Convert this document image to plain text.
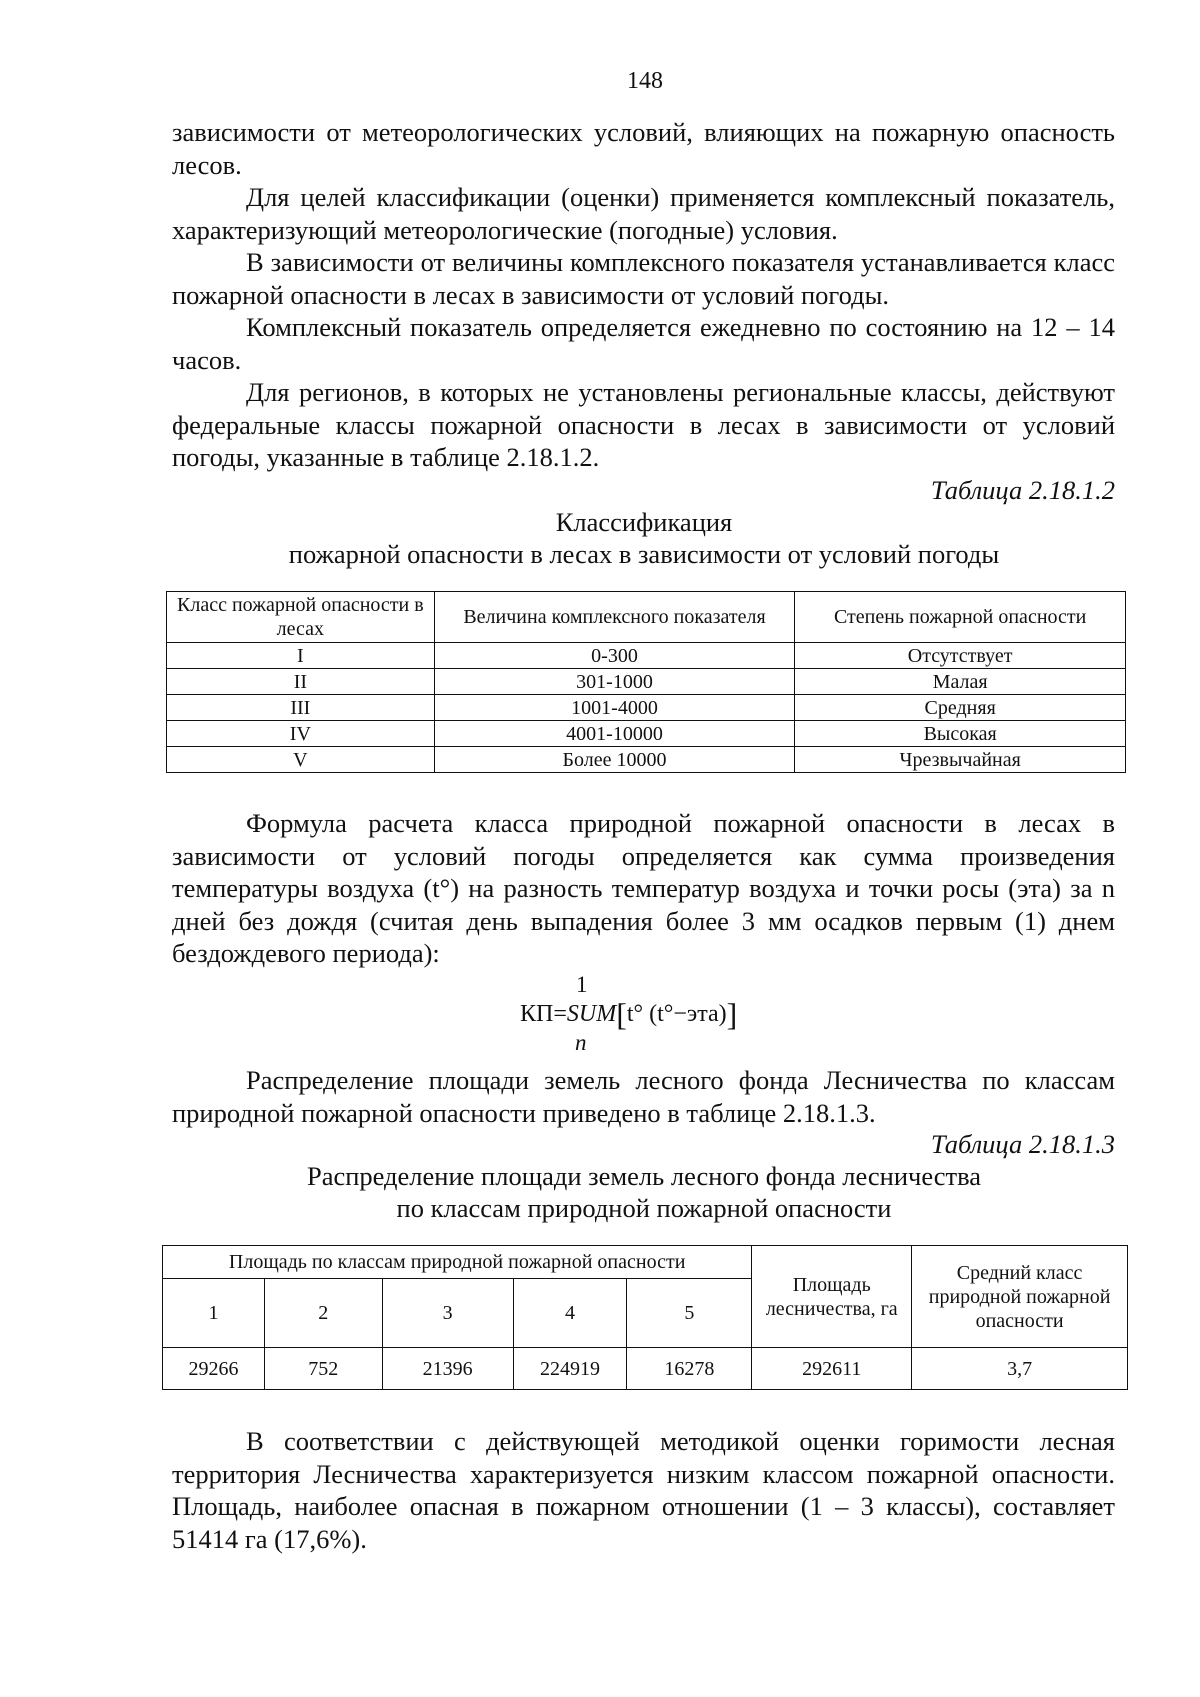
148

зависимости от метеорологических условий, влияющих на пожарную опасность лесов.

Для целей классификации (оценки) применяется комплексный показатель, характеризующий метеорологические (погодные) условия.

В зависимости от величины комплексного показателя устанавливается класс пожарной опасности в лесах в зависимости от условий погоды.

Комплексный показатель определяется ежедневно по состоянию на 12 – 14 часов.

Для регионов, в которых не установлены региональные классы, действуют федеральные классы пожарной опасности в лесах в зависимости от условий погоды, указанные в таблице 2.18.1.2.

Таблица 2.18.1.2
Классификация
пожарной опасности в лесах в зависимости от условий погоды
Класс пожарной опасности в лесах	Величина комплексного показателя	Степень пожарной опасности
I	0-300	Отсутствует
II	301-1000	Малая
III	1001-4000	Средняя
IV	4001-10000	Высокая
V	Более 10000	Чрезвычайная

Формула расчета класса природной пожарной опасности в лесах в зависимости от условий погоды определяется как сумма произведения температуры воздуха (t°) на разность температур воздуха и точки росы (эта) за n дней без дождя (считая день выпадения более 3 мм осадков первым (1) днем бездождевого периода):

1
КП=SUM[t° (t°−эта)]
n

Распределение площади земель лесного фонда Лесничества по классам природной пожарной опасности приведено в таблице 2.18.1.3.

Таблица 2.18.1.3
Распределение площади земель лесного фонда лесничества
по классам природной пожарной опасности
Площадь по классам природной пожарной опасности					Площадь лесничества, га	Средний класс природной пожарной опасности
1	2	3	4	5		
29266	752	21396	224919	16278	292611	3,7

В соответствии с действующей методикой оценки горимости лесная территория Лесничества характеризуется низким классом пожарной опасности. Площадь, наиболее опасная в пожарном отношении (1 – 3 классы), составляет 51414 га (17,6%).
